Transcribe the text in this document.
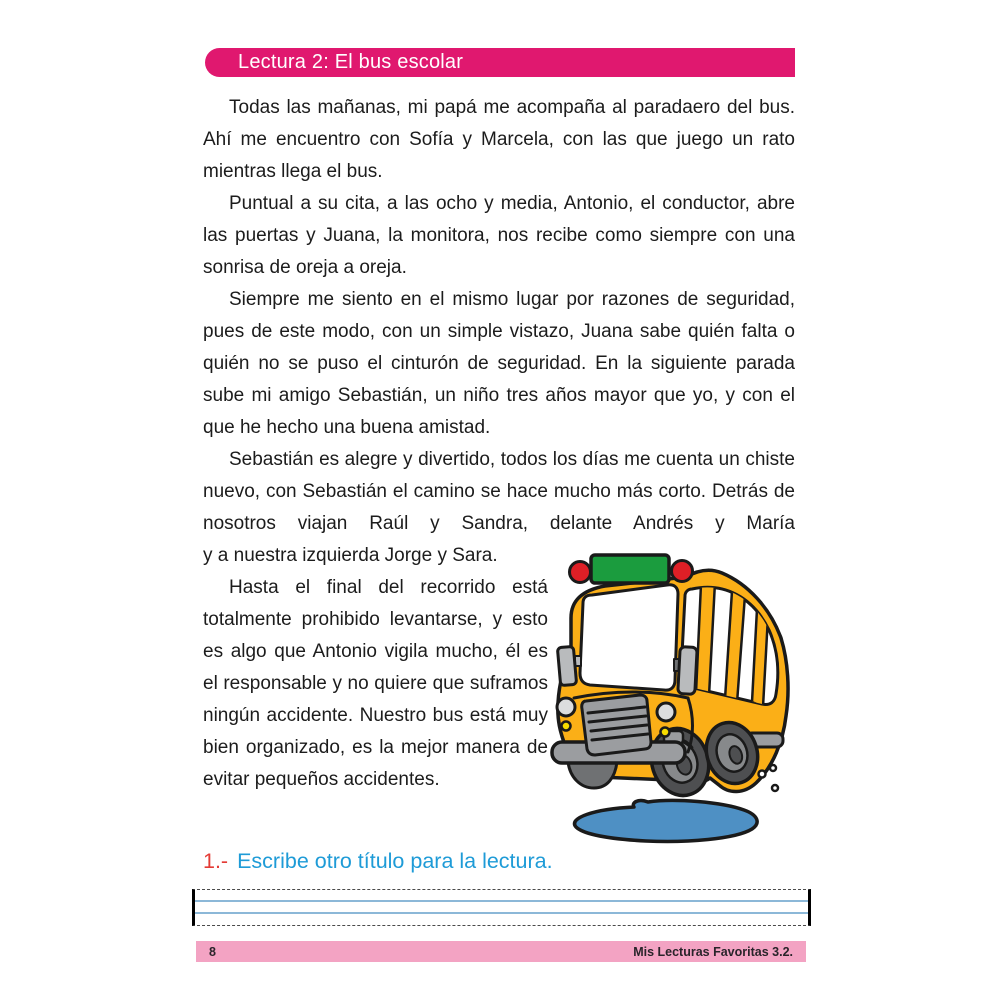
Lectura 2: El bus escolar

Todas las mañanas, mi papá me acompaña al paradaero del bus. Ahí me encuentro con Sofía y Marcela, con las que juego un rato mientras llega el bus.

Puntual a su cita, a las ocho y media, Antonio, el conductor, abre las puertas y Juana, la monitora, nos recibe como siempre con una sonrisa de oreja a oreja.

Siempre me siento en el mismo lugar por razones de seguridad, pues de este modo, con un simple vistazo, Juana sabe quién falta o quién no se puso el cinturón de seguridad. En la siguiente parada sube mi amigo Sebastián, un niño tres años mayor que yo, y con el que he hecho una buena amistad.

Sebastián es alegre y divertido, todos los días me cuenta un chiste nuevo, con Sebastián el camino se hace mucho más corto. Detrás de nosotros viajan Raúl y Sandra, delante Andrés y María y a nuestra izquierda Jorge y Sara.

Hasta el final del recorrido está totalmente prohibido levantarse, y esto es algo que Antonio vigila mucho, él es el responsable y no quiere que suframos ningún accidente. Nuestro bus está muy bien organizado, es la mejor manera de evitar pequeños accidentes.

1.- Escribe otro título para la lectura.
8	Mis Lecturas Favoritas 3.2.
